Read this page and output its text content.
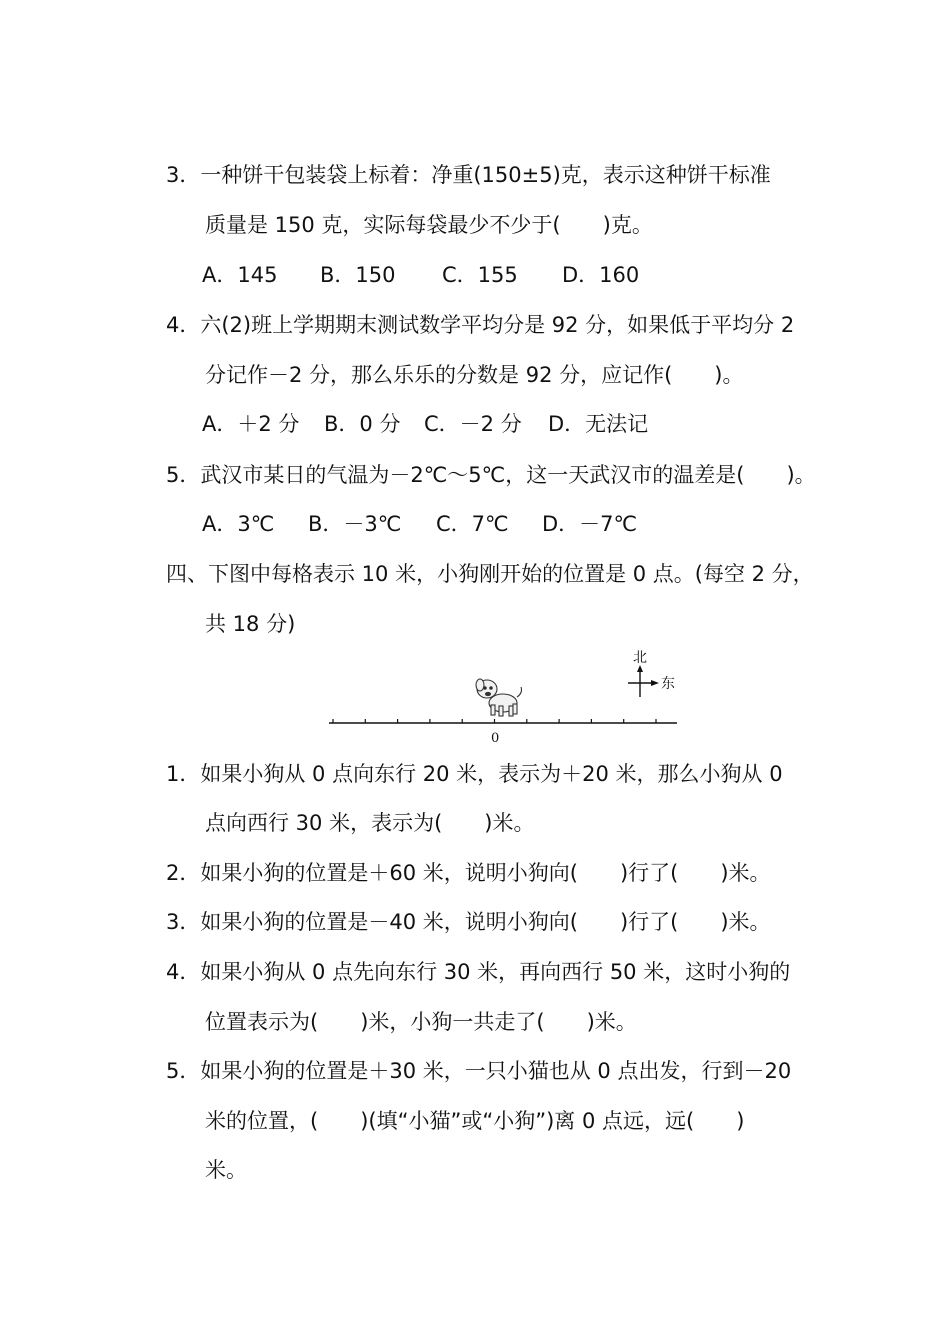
3．一种饼干包装袋上标着：净重(150±5)克，表示这种饼干标准
质量是 150 克，实际每袋最少不少于(　　)克。
A．145 B．150 C．155 D．160
4．六(2)班上学期期末测试数学平均分是 92 分，如果低于平均分 2
分记作－2 分，那么乐乐的分数是 92 分，应记作(　　)。
A．＋2 分 B．0 分 C．－2 分 D．无法记
5．武汉市某日的气温为－2℃～5℃，这一天武汉市的温差是(　　)。
A．3℃ B．－3℃ C．7℃ D．－7℃
四、下图中每格表示 10 米，小狗刚开始的位置是 0 点。(每空 2 分，
共 18 分)
北
东
0
1．如果小狗从 0 点向东行 20 米，表示为＋20 米，那么小狗从 0
点向西行 30 米，表示为(　　)米。
2．如果小狗的位置是＋60 米，说明小狗向(　　)行了(　　)米。
3．如果小狗的位置是－40 米，说明小狗向(　　)行了(　　)米。
4．如果小狗从 0 点先向东行 30 米，再向西行 50 米，这时小狗的
位置表示为(　　)米，小狗一共走了(　　)米。
5．如果小狗的位置是＋30 米，一只小猫也从 0 点出发，行到－20
米的位置，(　　)(填“小猫”或“小狗”)离 0 点远，远(　　)
米。
